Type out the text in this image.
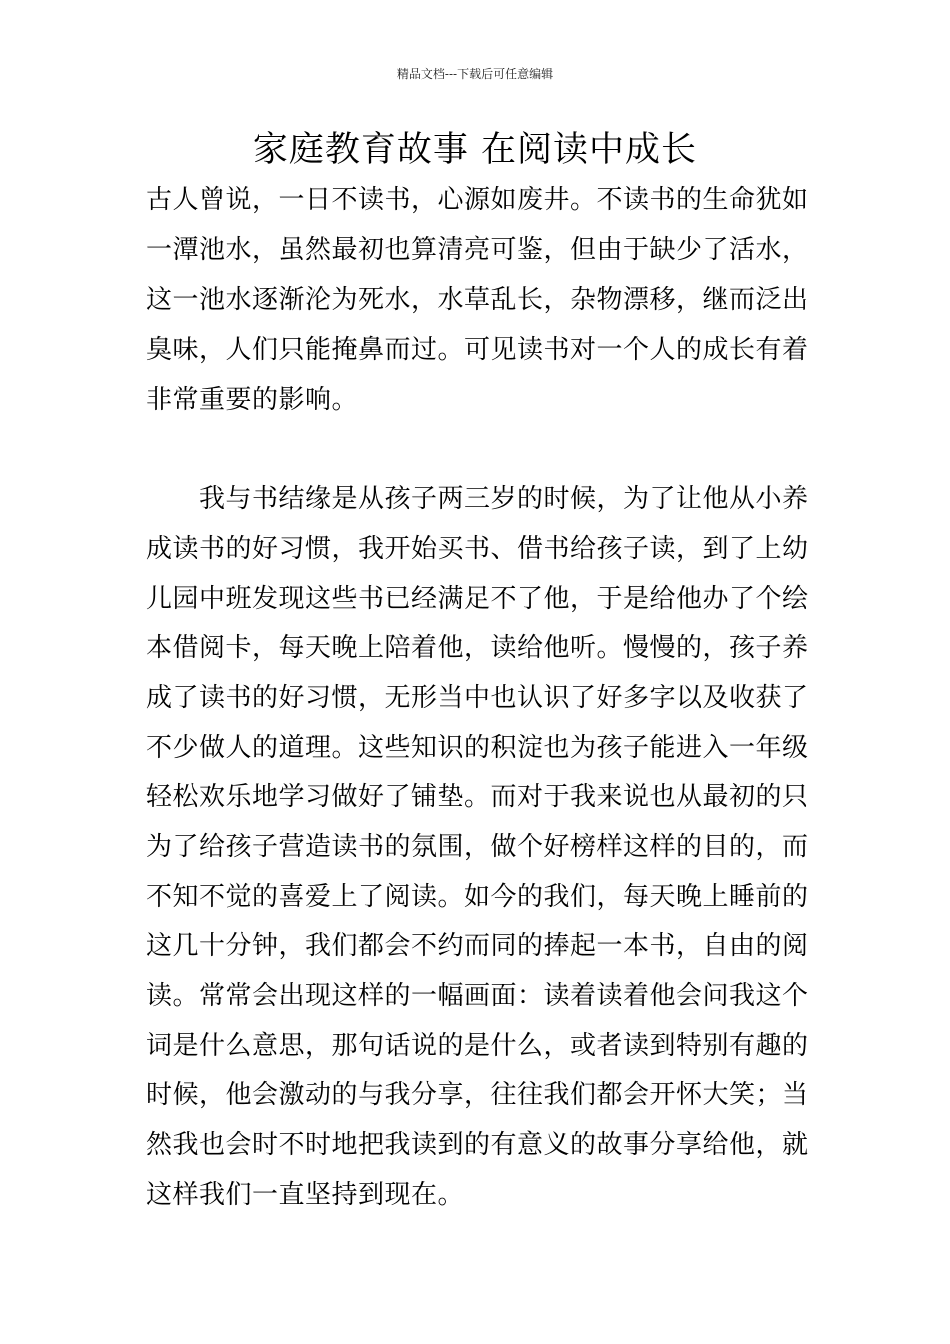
精品文档---下载后可任意编辑
家庭教育故事 在阅读中成长
古人曾说，一日不读书，心源如废井。不读书的生命犹如
一潭池水，虽然最初也算清亮可鉴，但由于缺少了活水，
这一池水逐渐沦为死水，水草乱长，杂物漂移，继而泛出
臭味，人们只能掩鼻而过。可见读书对一个人的成长有着
非常重要的影响。
　　我与书结缘是从孩子两三岁的时候，为了让他从小养
成读书的好习惯，我开始买书、借书给孩子读，到了上幼
儿园中班发现这些书已经满足不了他，于是给他办了个绘
本借阅卡，每天晚上陪着他，读给他听。慢慢的，孩子养
成了读书的好习惯，无形当中也认识了好多字以及收获了
不少做人的道理。这些知识的积淀也为孩子能进入一年级
轻松欢乐地学习做好了铺垫。而对于我来说也从最初的只
为了给孩子营造读书的氛围，做个好榜样这样的目的，而
不知不觉的喜爱上了阅读。如今的我们，每天晚上睡前的
这几十分钟，我们都会不约而同的捧起一本书，自由的阅
读。常常会出现这样的一幅画面：读着读着他会问我这个
词是什么意思，那句话说的是什么，或者读到特别有趣的
时候，他会激动的与我分享，往往我们都会开怀大笑；当
然我也会时不时地把我读到的有意义的故事分享给他，就
这样我们一直坚持到现在。
